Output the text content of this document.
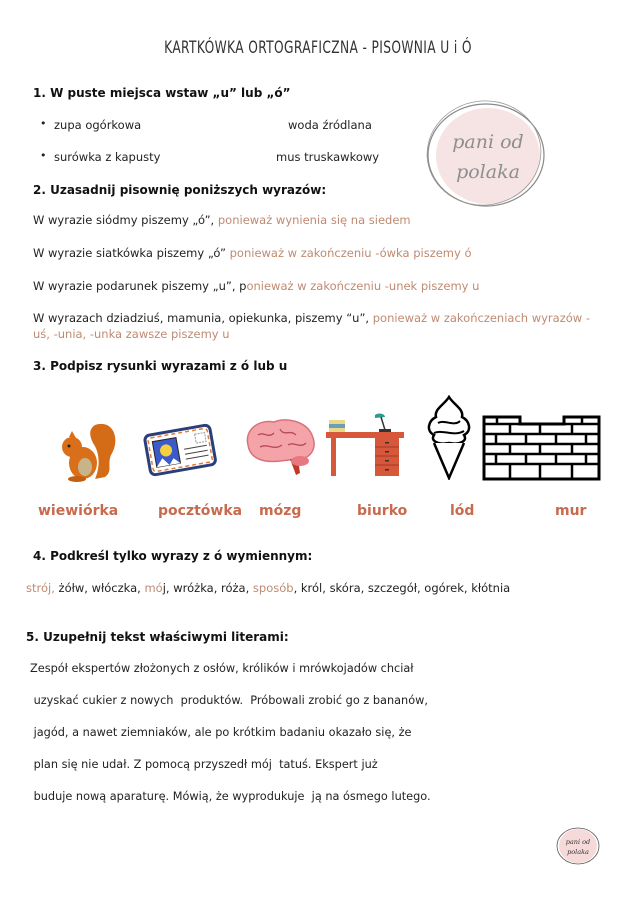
KARTKÓWKA ORTOGRAFICZNA - PISOWNIA U i Ó
pani od
polaka
1. W puste miejsca wstaw „u” lub „ó”
• zupa ogórkowa	woda źródlana
• surówka z kapusty	mus truskawkowy
2. Uzasadnij pisownię poniższych wyrazów:
W wyrazie siódmy piszemy „ó”, ponieważ wynienia się na siedem
W wyrazie siatkówka piszemy „ó” ponieważ w zakończeniu -ówka piszemy ó
W wyrazie podarunek piszemy „u”, ponieważ w zakończeniu -unek piszemy u
W wyrazach dziadziuś, mamunia, opiekunka, piszemy “u”, ponieważ w zakończeniach wyrazów -
uś, -unia, -unka zawsze piszemy u
3. Podpisz rysunki wyrazami z ó lub u
wiewiórka	pocztówka mózg	biurko	lód	mur
4. Podkreśl tylko wyrazy z ó wymiennym:
strój, żółw, włóczka, mój, wróżka, róża, sposób, król, skóra, szczegół, ogórek, kłótnia
5. Uzupełnij tekst właściwymi literami:
Zespół ekspertów złożonych z osłów, królików i mrówkojadów chciał
uzyskać cukier z nowych  produktów.  Próbowali zrobić go z bananów,
jagód, a nawet ziemniaków, ale po krótkim badaniu okazało się, że
plan się nie udał. Z pomocą przyszedł mój  tatuś. Ekspert już
buduje nową aparaturę. Mówią, że wyprodukuje  ją na ósmego lutego.
pani od
polaka
